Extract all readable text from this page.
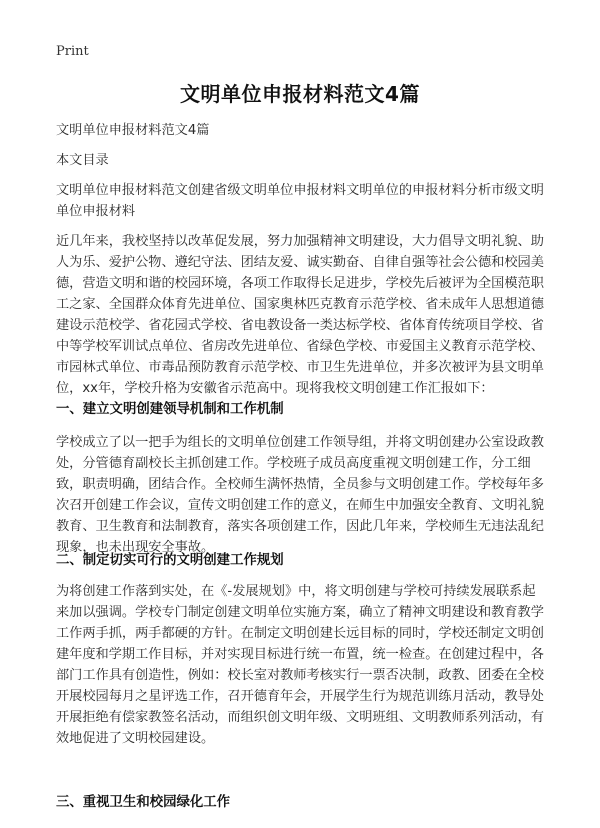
Print
文明单位申报材料范文4篇

文明单位申报材料范文4篇

本文目录

文明单位申报材料范文创建省级文明单位申报材料文明单位的申报材料分析市级文明单位申报材料

近几年来，我校坚持以改革促发展，努力加强精神文明建设，大力倡导文明礼貌、助人为乐、爱护公物、遵纪守法、团结友爱、诚实勤奋、自律自强等社会公德和校园美德，营造文明和谐的校园环境，各项工作取得长足进步，学校先后被评为全国模范职工之家、全国群众体育先进单位、国家奥林匹克教育示范学校、省未成年人思想道德建设示范校学、省花园式学校、省电教设备一类达标学校、省体育传统项目学校、省中等学校军训试点单位、省房改先进单位、省绿色学校、市爱国主义教育示范学校、市园林式单位、市毒品预防教育示范学校、市卫生先进单位，并多次被评为县文明单位，xx年，学校升格为安徽省示范高中。现将我校文明创建工作汇报如下：

一、建立文明创建领导机制和工作机制

学校成立了以一把手为组长的文明单位创建工作领导组，并将文明创建办公室设政教处，分管德育副校长主抓创建工作。学校班子成员高度重视文明创建工作，分工细致，职责明确，团结合作。全校师生满怀热情，全员参与文明创建工作。学校每年多次召开创建工作会议，宣传文明创建工作的意义，在师生中加强安全教育、文明礼貌教育、卫生教育和法制教育，落实各项创建工作，因此几年来，学校师生无违法乱纪现象，也未出现安全事故。

二、制定切实可行的文明创建工作规划

为将创建工作落到实处，在《-发展规划》中，将文明创建与学校可持续发展联系起来加以强调。学校专门制定创建文明单位实施方案，确立了精神文明建设和教育教学工作两手抓，两手都硬的方针。在制定文明创建长远目标的同时，学校还制定文明创建年度和学期工作目标，并对实现目标进行统一布置，统一检查。在创建过程中，各部门工作具有创造性，例如：校长室对教师考核实行一票否决制，政教、团委在全校开展校园每月之星评选工作，召开德育年会，开展学生行为规范训练月活动，教导处开展拒绝有偿家教签名活动，而组织创文明年级、文明班组、文明教师系列活动，有效地促进了文明校园建设。

三、重视卫生和校园绿化工作
